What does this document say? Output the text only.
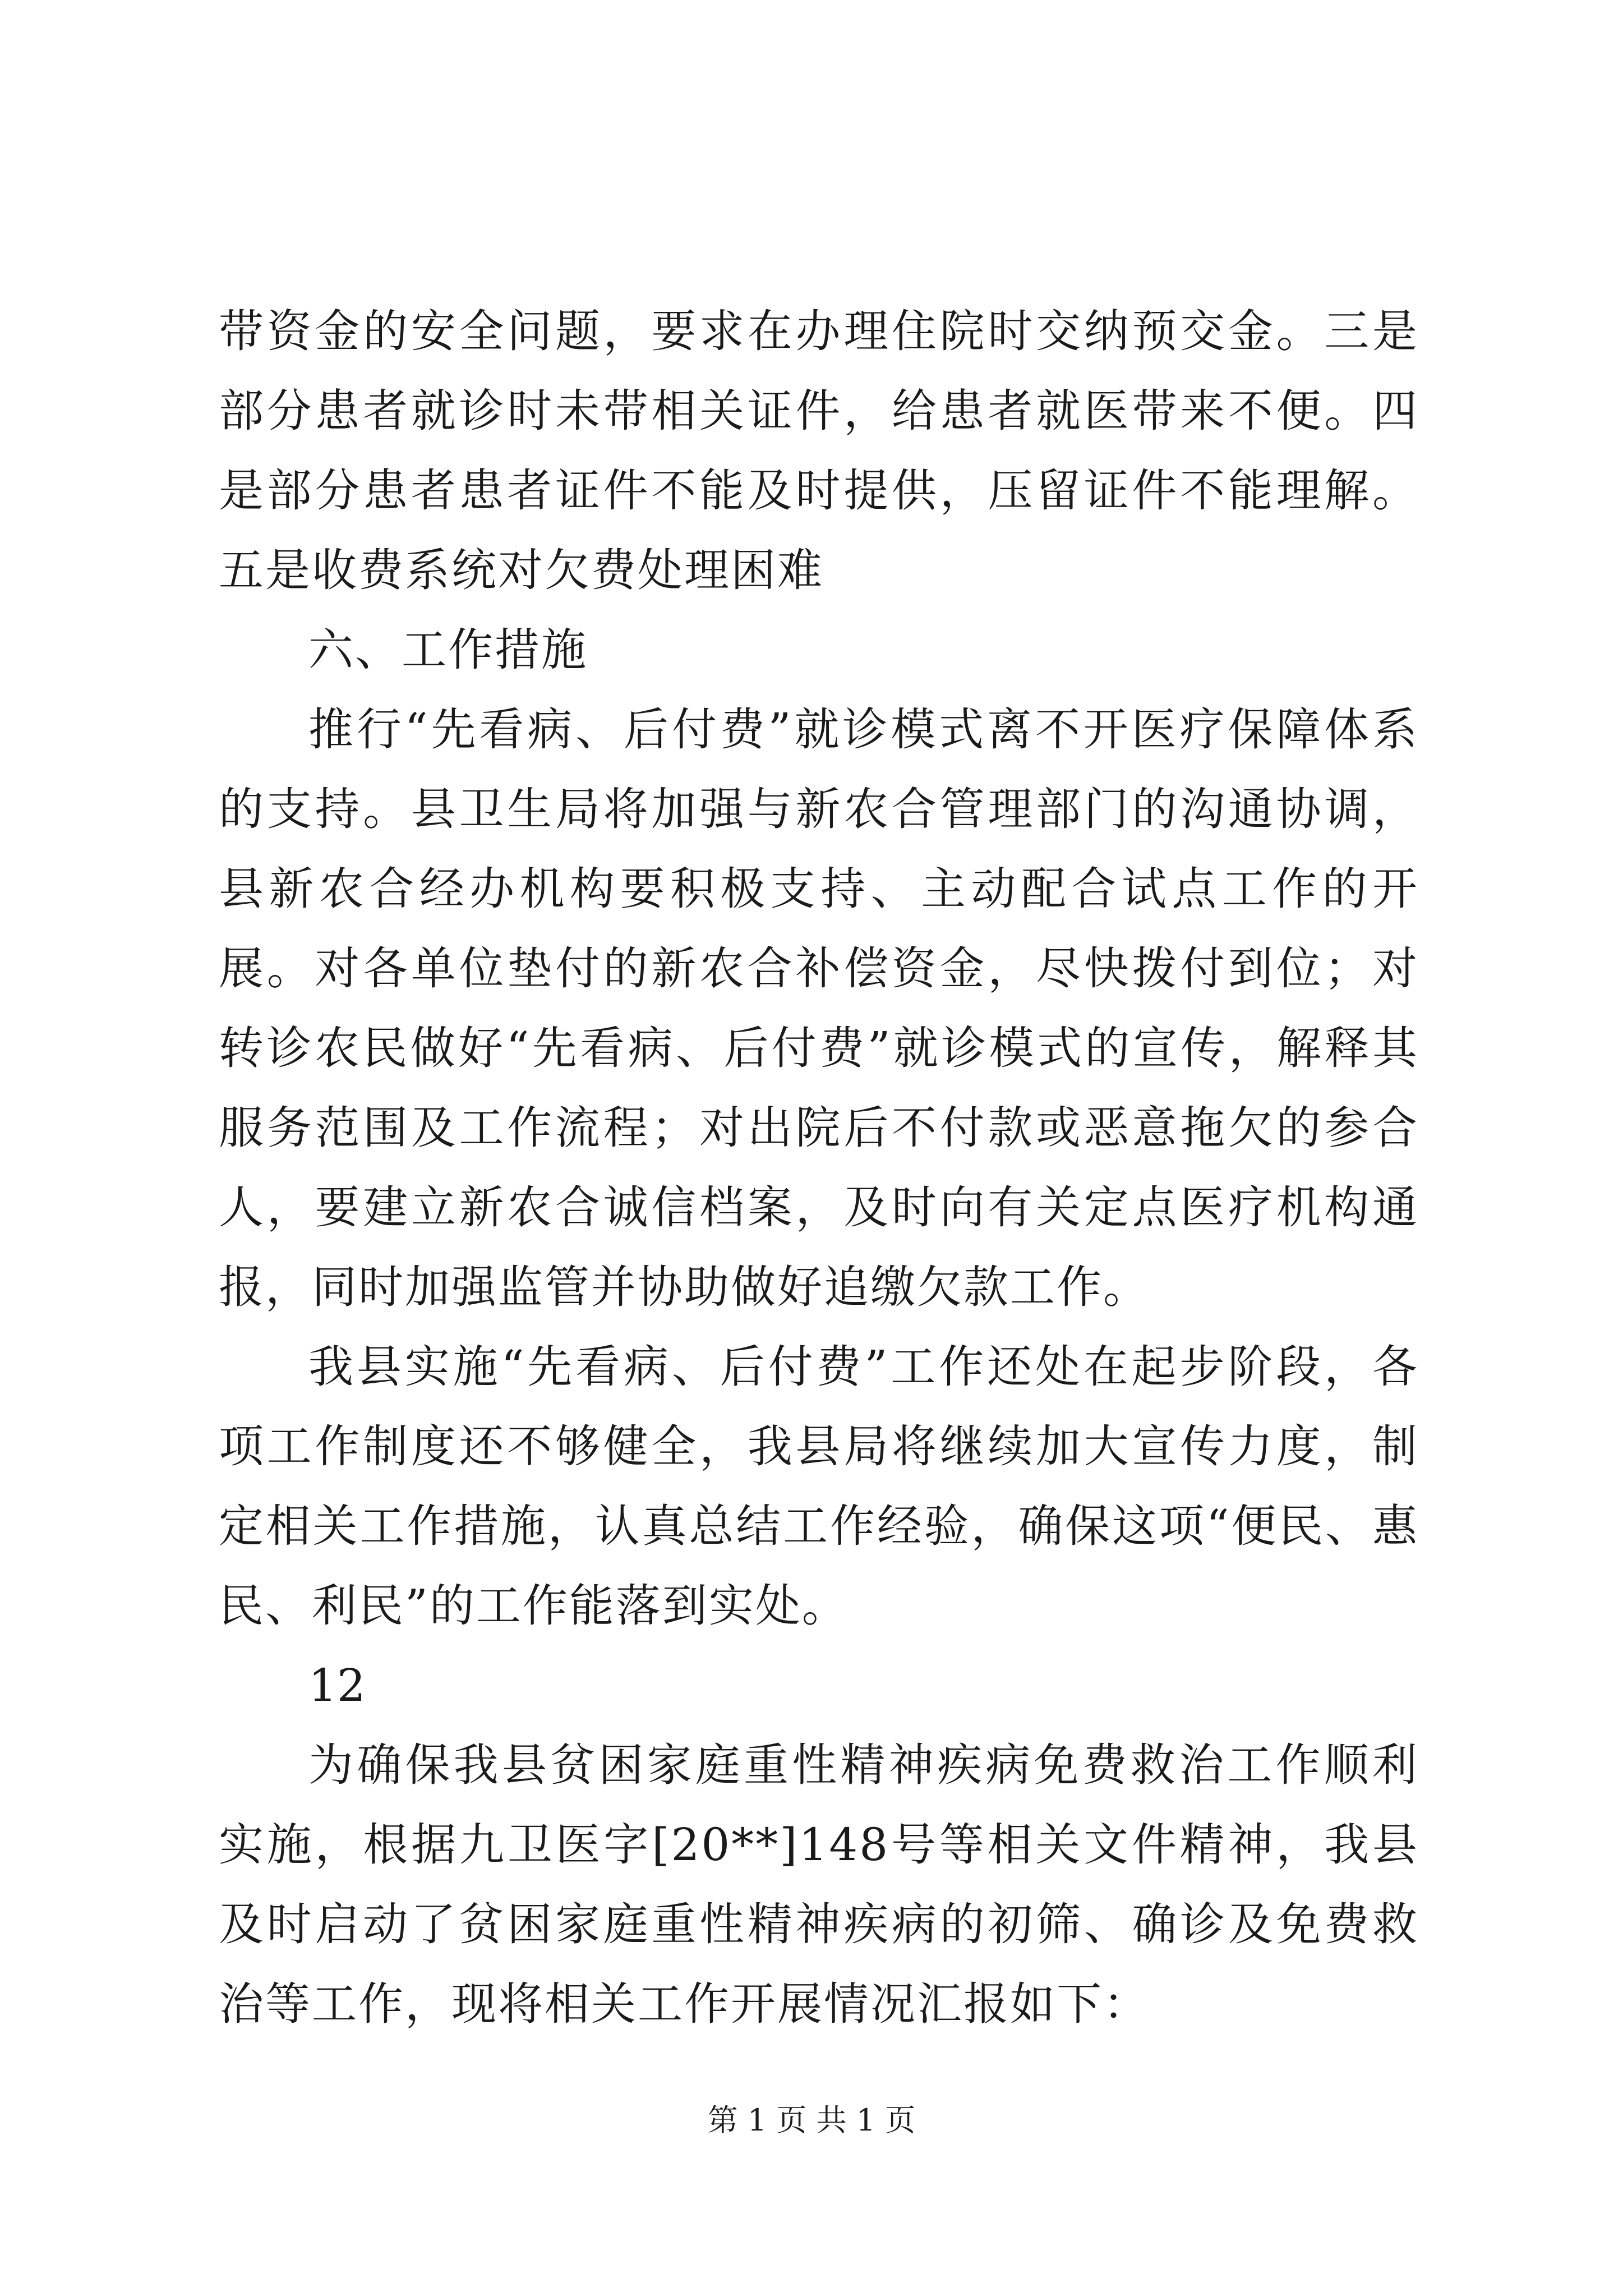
带资金的安全问题，要求在办理住院时交纳预交金。三是部分患者就诊时未带相关证件，给患者就医带来不便。四是部分患者患者证件不能及时提供，压留证件不能理解。五是收费系统对欠费处理困难

六、工作措施

推行“先看病、后付费”就诊模式离不开医疗保障体系的支持。县卫生局将加强与新农合管理部门的沟通协调，县新农合经办机构要积极支持、主动配合试点工作的开展。对各单位垫付的新农合补偿资金，尽快拨付到位；对转诊农民做好“先看病、后付费”就诊模式的宣传，解释其服务范围及工作流程；对出院后不付款或恶意拖欠的参合人，要建立新农合诚信档案，及时向有关定点医疗机构通报，同时加强监管并协助做好追缴欠款工作。

我县实施“先看病、后付费”工作还处在起步阶段，各项工作制度还不够健全，我县局将继续加大宣传力度，制定相关工作措施，认真总结工作经验，确保这项“便民、惠民、利民”的工作能落到实处。

12

为确保我县贫困家庭重性精神疾病免费救治工作顺利实施，根据九卫医字[20**]148号等相关文件精神，我县及时启动了贫困家庭重性精神疾病的初筛、确诊及免费救治等工作，现将相关工作开展情况汇报如下：

第 1 页 共 1 页
